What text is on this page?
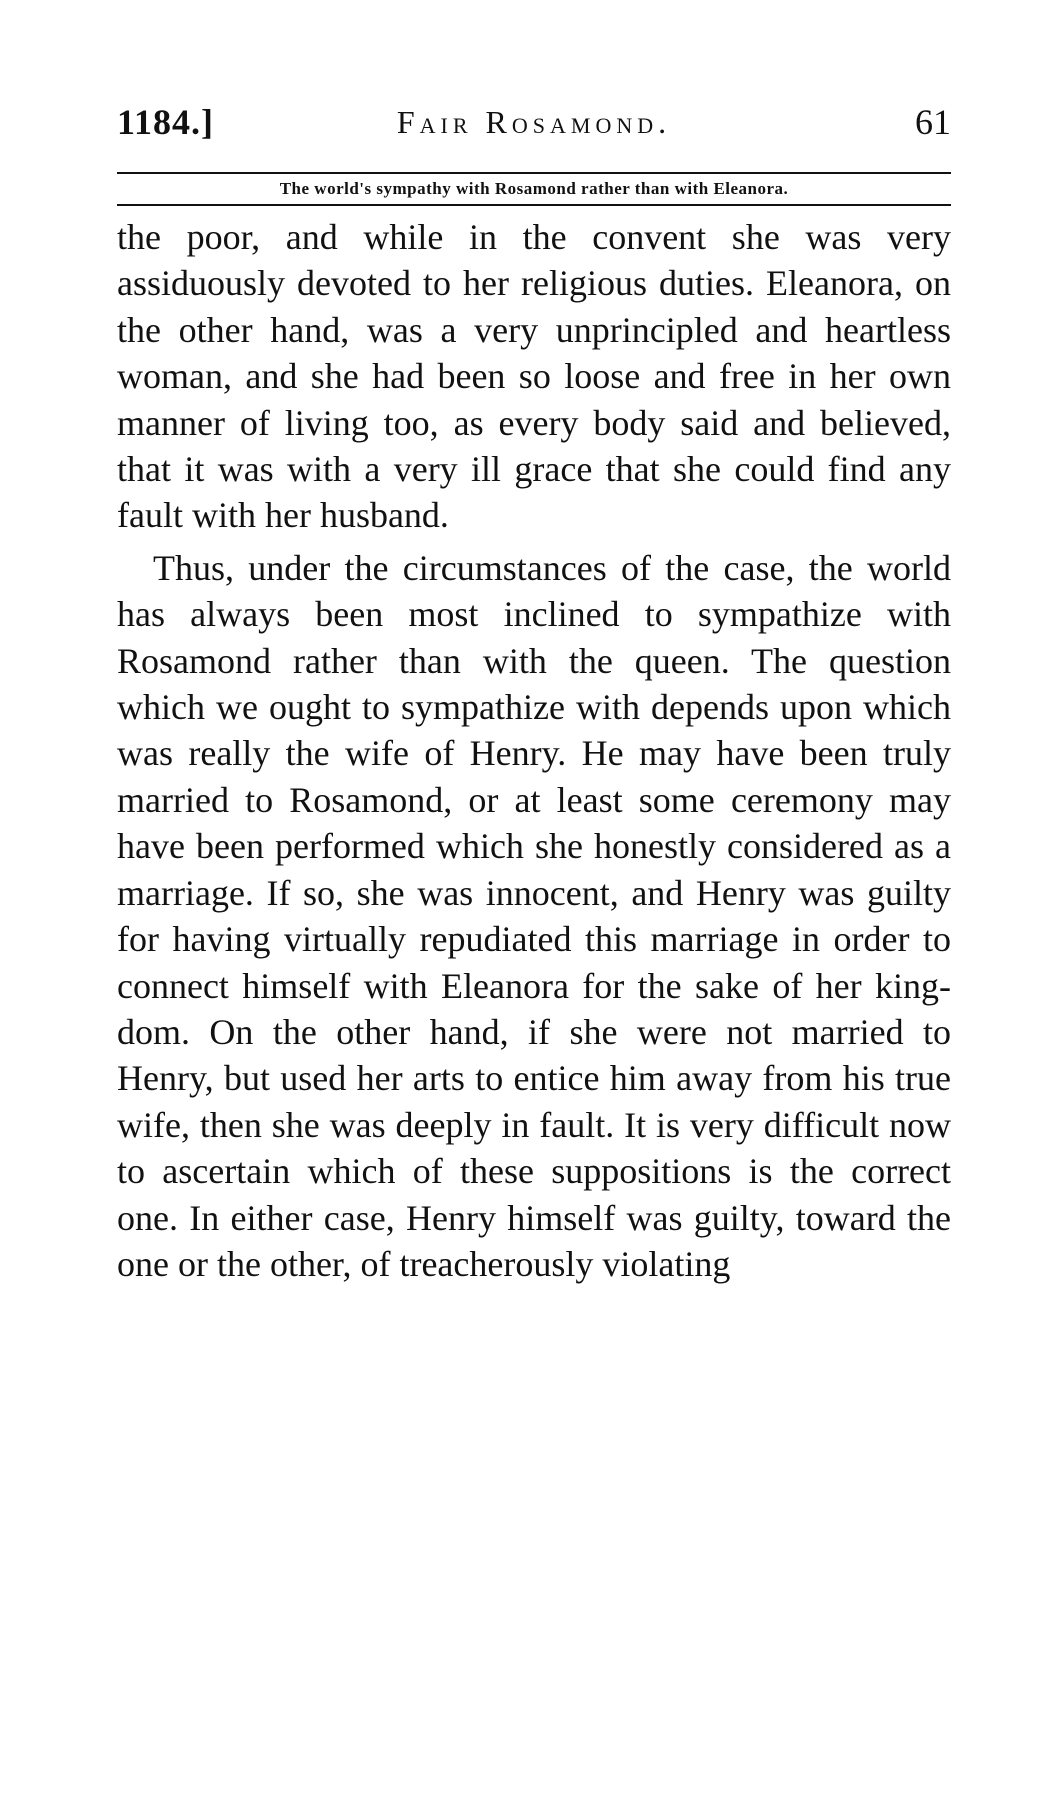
1184.]	Fair Rosamond.	61
The world's sympathy with Rosamond rather than with Eleanora.

the poor, and while in the convent she was very assiduously devoted to her religious duties. Eleanora, on the other hand, was a very unprincipled and heartless woman, and she had been so loose and free in her own manner of living too, as every body said and believed, that it was with a very ill grace that she could find any fault with her husband.

Thus, under the circumstances of the case, the world has always been most inclined to sympathize with Rosamond rather than with the queen. The question which we ought to sympathize with depends upon which was really the wife of Henry. He may have been truly married to Rosamond, or at least some ceremony may have been performed which she honestly considered as a marriage. If so, she was innocent, and Henry was guilty for having virtually repudiated this marriage in order to connect himself with Eleanora for the sake of her kingdom. On the other hand, if she were not married to Henry, but used her arts to entice him away from his true wife, then she was deeply in fault. It is very difficult now to ascertain which of these suppositions is the correct one. In either case, Henry himself was guilty, toward the one or the other, of treacherously violating
